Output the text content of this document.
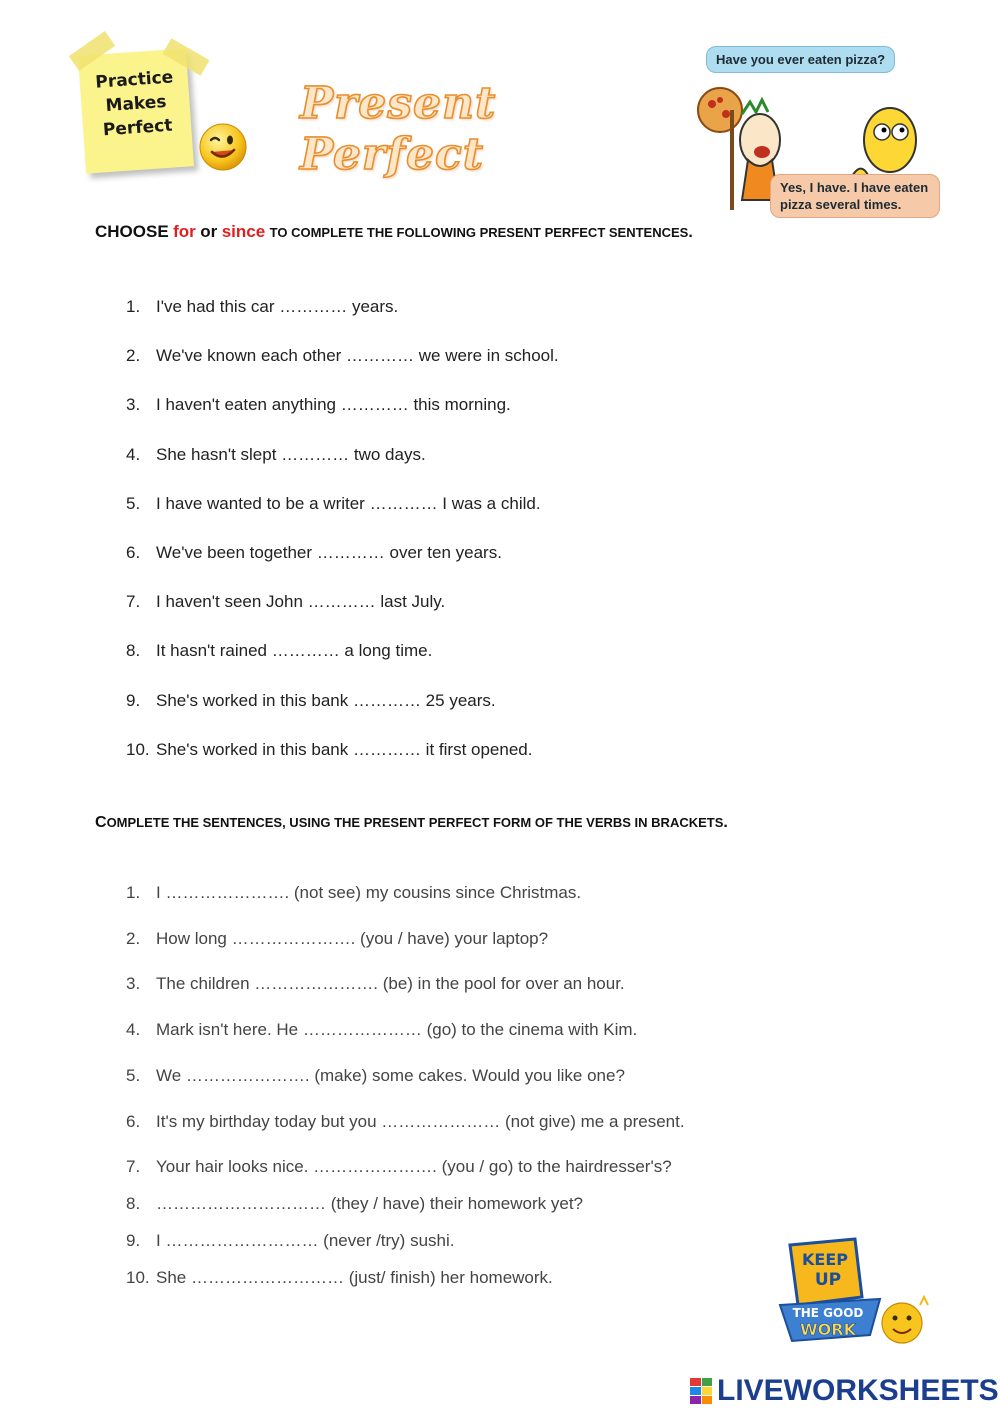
Practice
Makes
Perfect	Present Perfect
Have you ever eaten pizza?
Yes, I have. I have eaten pizza several times.
CHOOSE for or since TO COMPLETE THE FOLLOWING PRESENT PERFECT SENTENCES.
1. I've had this car ………… years.
2. We've known each other ………… we were in school.
3. I haven't eaten anything ………… this morning.
4. She hasn't slept ………… two days.
5. I have wanted to be a writer ………… I was a child.
6. We've been together ………… over ten years.
7. I haven't seen John ………… last July.
8. It hasn't rained ………… a long time.
9. She's worked in this bank ………… 25 years.
10. She's worked in this bank ………… it first opened.
COMPLETE THE SENTENCES, USING THE PRESENT PERFECT FORM OF THE VERBS IN BRACKETS.
1. I …………………. (not see) my cousins since Christmas.
2. How long …………………. (you / have) your laptop?
3. The children …………………. (be) in the pool for over an hour.
4. Mark isn't here. He ………………… (go) to the cinema with Kim.
5. We …………………. (make) some cakes. Would you like one?
6. It's my birthday today but you ………………… (not give) me a present.
7. Your hair looks nice. …………………. (you / go) to the hairdresser's?
8. ………………………… (they / have) their homework yet?
9. I ……………………… (never /try) sushi.
10. She ……………………… (just/ finish) her homework.
KEEP
UP
THE GOOD
WORK
LIVEWORKSHEETS
